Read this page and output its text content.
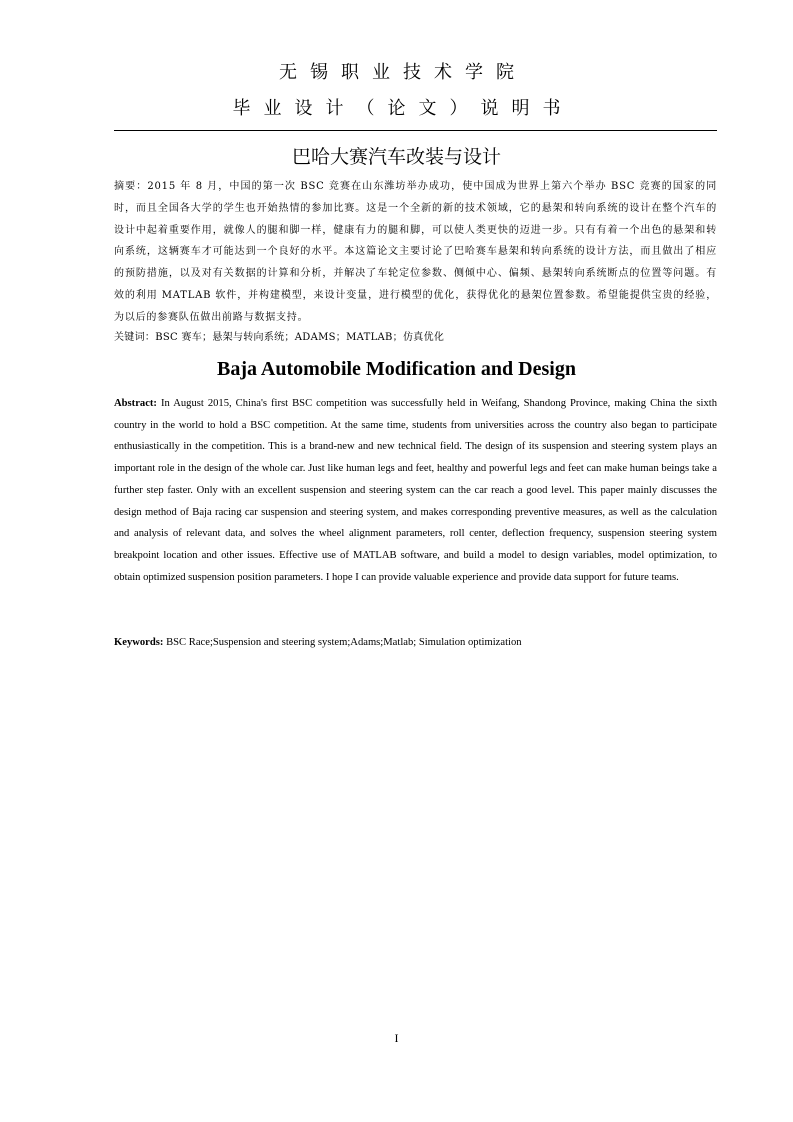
无锡职业技术学院
毕业设计（论文）说明书
巴哈大赛汽车改装与设计
摘要：2015 年 8 月，中国的第一次 BSC 竞赛在山东潍坊举办成功，使中国成为世界上第六个举办 BSC 竞赛的国家的同时，而且全国各大学的学生也开始热情的参加比赛。这是一个全新的新的技术领域，它的悬架和转向系统的设计在整个汽车的设计中起着重要作用，就像人的腿和脚一样，健康有力的腿和脚，可以使人类更快的迈进一步。只有有着一个出色的悬架和转向系统，这辆赛车才可能达到一个良好的水平。本这篇论文主要讨论了巴哈赛车悬架和转向系统的设计方法，而且做出了相应的预防措施，以及对有关数据的计算和分析，并解决了车轮定位参数、侧倾中心、偏频、悬架转向系统断点的位置等问题。有效的利用 MATLAB 软件，并构建模型，来设计变量，进行模型的优化，获得优化的悬架位置参数。希望能提供宝贵的经验，为以后的参赛队伍做出前路与数据支持。
关键词：BSC 赛车；悬架与转向系统；ADAMS；MATLAB；仿真优化
Baja Automobile Modification and Design
Abstract: In August 2015, China's first BSC competition was successfully held in Weifang, Shandong Province, making China the sixth country in the world to hold a BSC competition. At the same time, students from universities across the country also began to participate enthusiastically in the competition. This is a brand-new and new technical field. The design of its suspension and steering system plays an important role in the design of the whole car. Just like human legs and feet, healthy and powerful legs and feet can make human beings take a further step faster. Only with an excellent suspension and steering system can the car reach a good level. This paper mainly discusses the design method of Baja racing car suspension and steering system, and makes corresponding preventive measures, as well as the calculation and analysis of relevant data, and solves the wheel alignment parameters, roll center, deflection frequency, suspension steering system breakpoint location and other issues. Effective use of MATLAB software, and build a model to design variables, model optimization, to obtain optimized suspension position parameters. I hope I can provide valuable experience and provide data support for future teams.
Keywords: BSC Race;Suspension and steering system;Adams;Matlab; Simulation optimization
I
